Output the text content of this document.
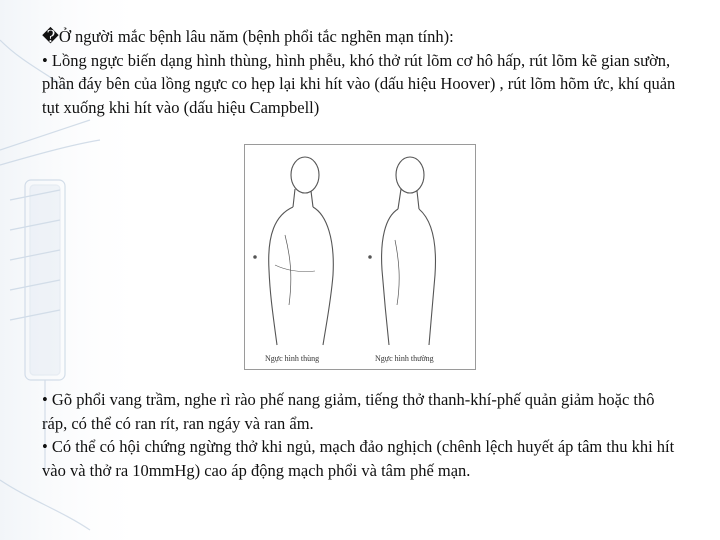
�Ở người mắc bệnh lâu năm (bệnh phổi tắc nghẽn mạn tính):

• Lồng ngực biến dạng hình thùng, hình phễu, khó thở rút lõm cơ hô hấp, rút lõm kẽ gian sườn, phần đáy bên của lồng ngực co hẹp lại khi hít vào (dấu hiệu Hoover) , rút lõm hõm ức, khí quản tụt xuống khi hít vào (dấu hiệu Campbell)

Ngực hình thùng	Ngực hình thường

• Gõ phổi vang trầm, nghe rì rào phế nang giảm, tiếng thở thanh-khí-phế quản giảm hoặc thô ráp, có thể có ran rít, ran ngáy và ran ẩm.

• Có thể có hội chứng ngừng thở khi ngủ, mạch đảo nghịch (chênh lệch huyết áp tâm thu khi hít vào và thở ra 10mmHg) cao áp động mạch phổi và tâm phế mạn.
